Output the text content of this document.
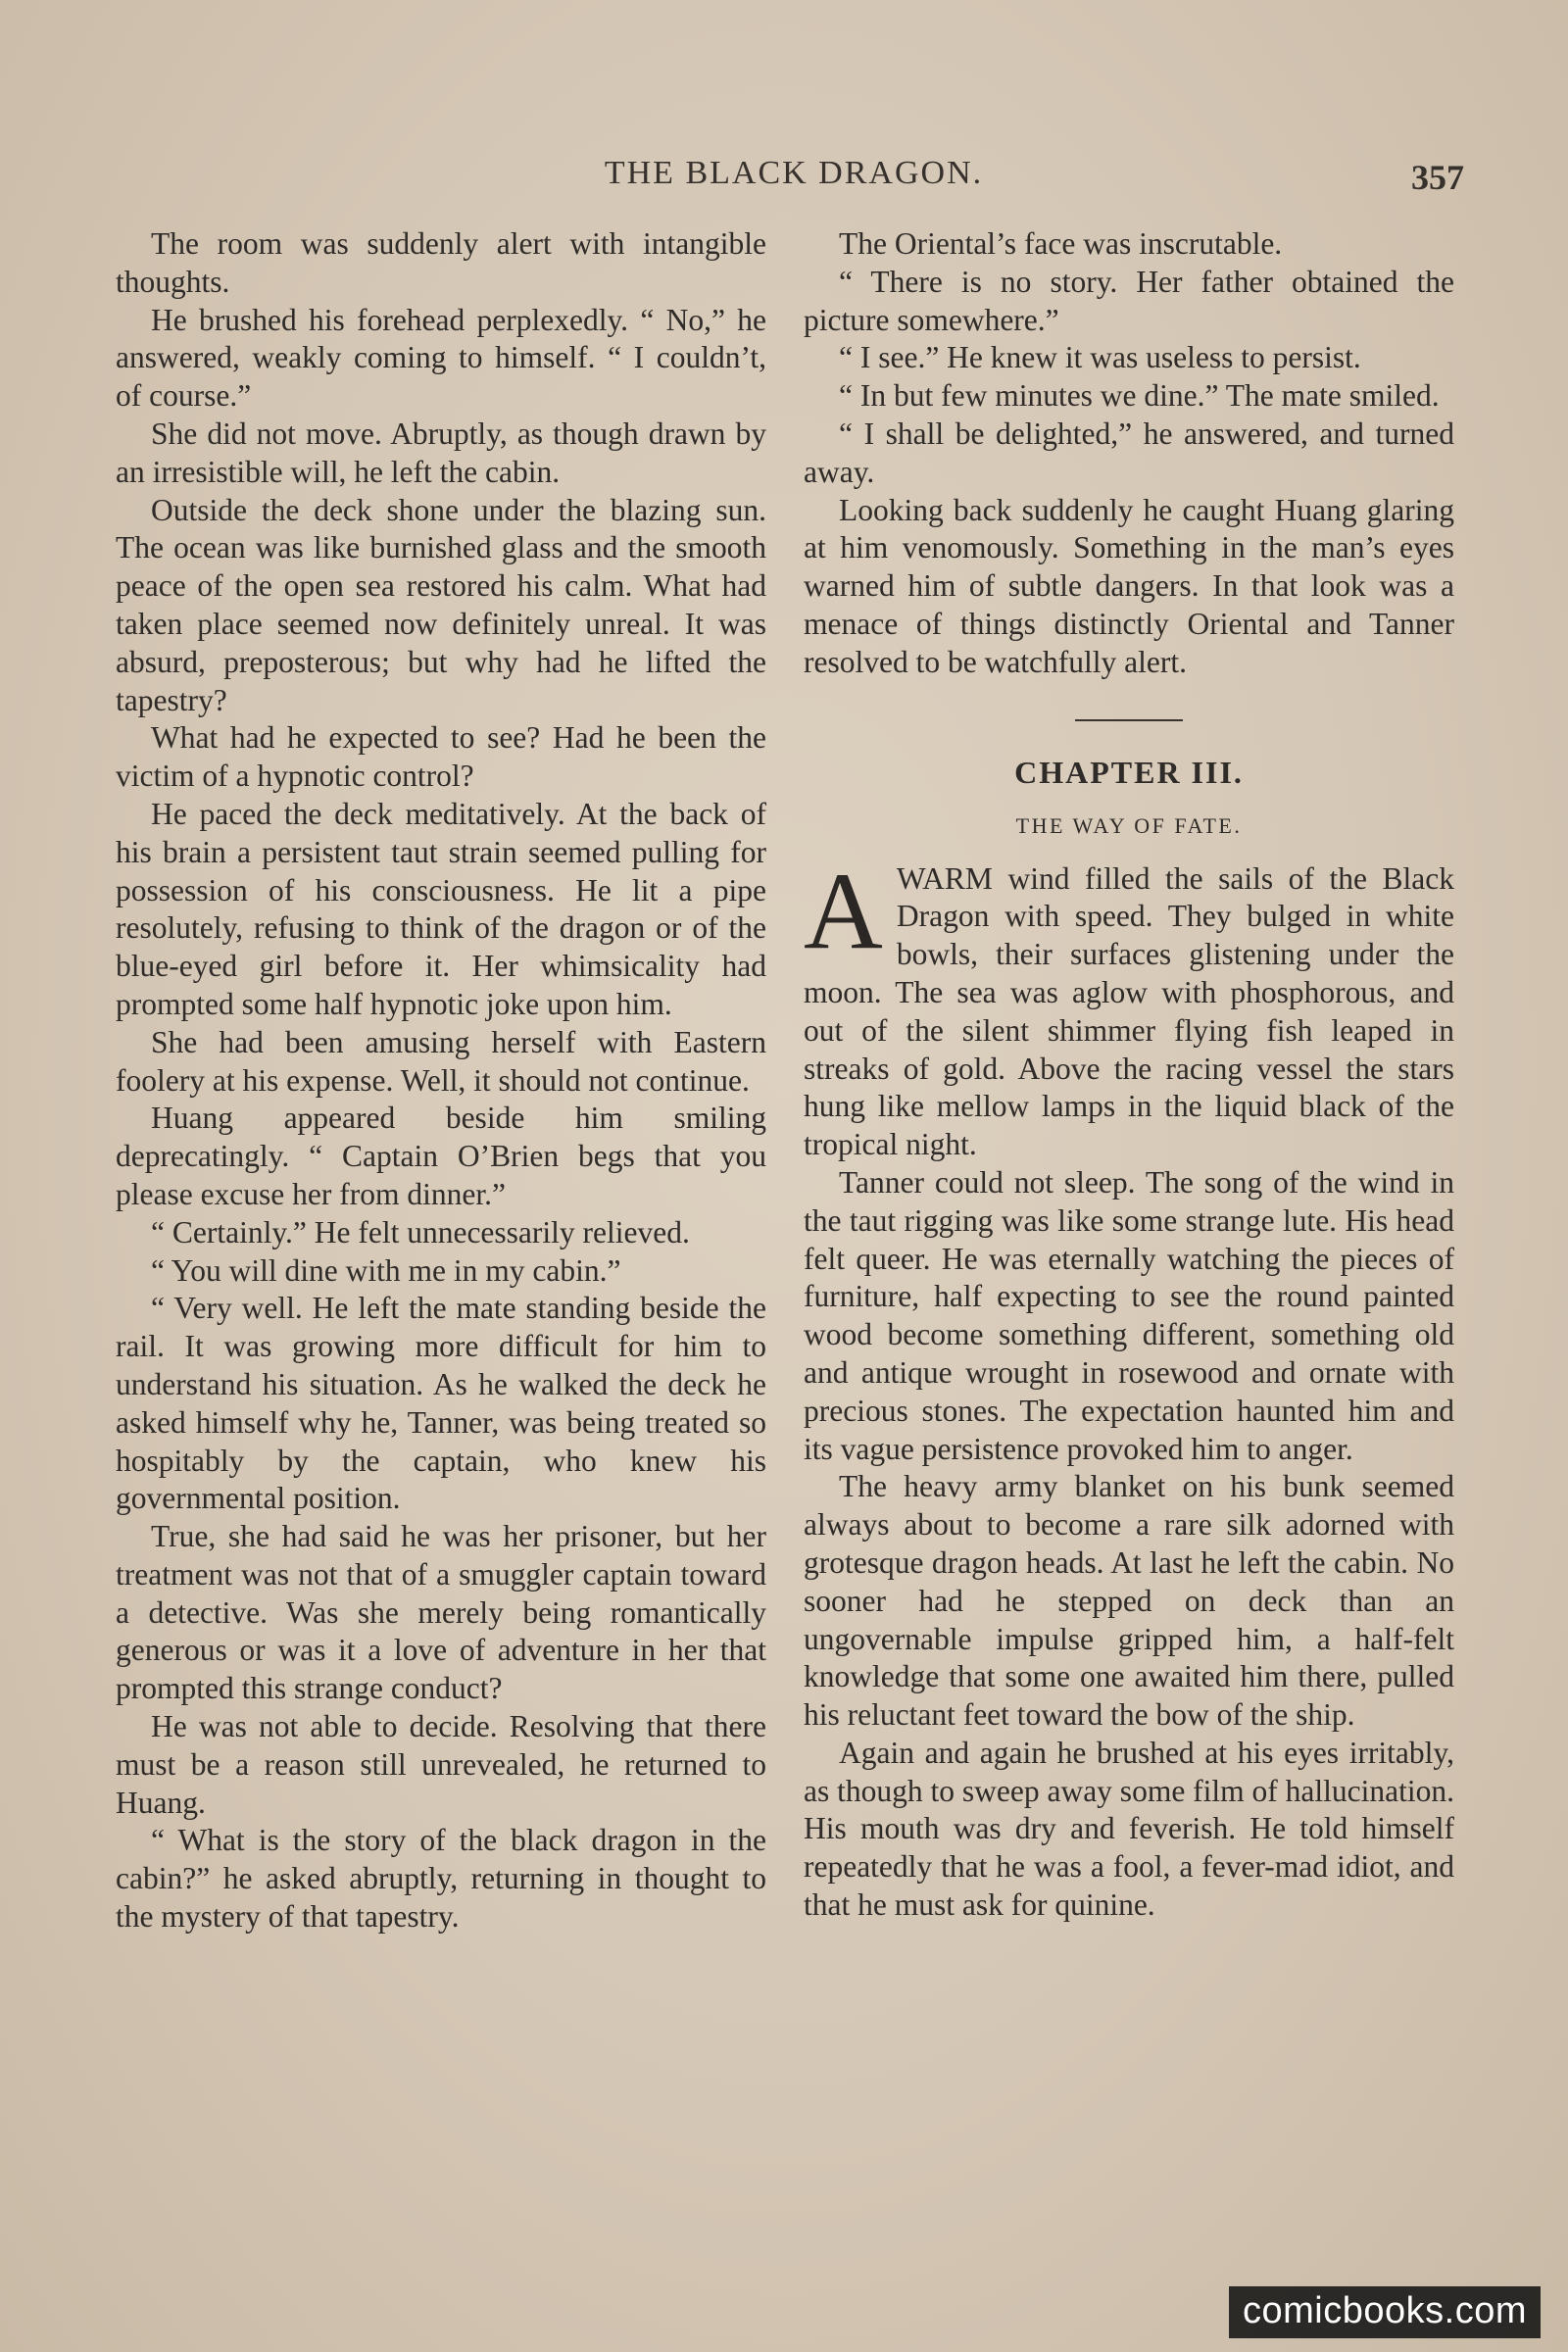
THE BLACK DRAGON.	357

The room was suddenly alert with intangible thoughts.

He brushed his forehead perplexedly. “ No,” he answered, weakly coming to himself. “ I couldn’t, of course.”

She did not move. Abruptly, as though drawn by an irresistible will, he left the cabin.

Outside the deck shone under the blazing sun. The ocean was like burnished glass and the smooth peace of the open sea restored his calm. What had taken place seemed now definitely unreal. It was absurd, preposterous; but why had he lifted the tapestry?

What had he expected to see? Had he been the victim of a hypnotic control?

He paced the deck meditatively. At the back of his brain a persistent taut strain seemed pulling for possession of his consciousness. He lit a pipe resolutely, refusing to think of the dragon or of the blue-eyed girl before it. Her whimsicality had prompted some half hypnotic joke upon him.

She had been amusing herself with Eastern foolery at his expense. Well, it should not continue.

Huang appeared beside him smiling deprecatingly. “ Captain O’Brien begs that you please excuse her from dinner.”

“ Certainly.” He felt unnecessarily relieved.

“ You will dine with me in my cabin.”

“ Very well. He left the mate standing beside the rail. It was growing more difficult for him to understand his situation. As he walked the deck he asked himself why he, Tanner, was being treated so hospitably by the captain, who knew his governmental position.

True, she had said he was her prisoner, but her treatment was not that of a smuggler captain toward a detective. Was she merely being romantically generous or was it a love of adventure in her that prompted this strange conduct?

He was not able to decide. Resolving that there must be a reason still unrevealed, he returned to Huang.

“ What is the story of the black dragon in the cabin?” he asked abruptly, returning in thought to the mystery of that tapestry.

The Oriental’s face was inscrutable.

“ There is no story. Her father obtained the picture somewhere.”

“ I see.” He knew it was useless to persist.

“ In but few minutes we dine.” The mate smiled.

“ I shall be delighted,” he answered, and turned away.

Looking back suddenly he caught Huang glaring at him venomously. Something in the man’s eyes warned him of subtle dangers. In that look was a menace of things distinctly Oriental and Tanner resolved to be watchfully alert.

CHAPTER III.
THE WAY OF FATE.

AWARM wind filled the sails of the Black Dragon with speed. They bulged in white bowls, their surfaces glistening under the moon. The sea was aglow with phosphorous, and out of the silent shimmer flying fish leaped in streaks of gold. Above the racing vessel the stars hung like mellow lamps in the liquid black of the tropical night.

Tanner could not sleep. The song of the wind in the taut rigging was like some strange lute. His head felt queer. He was eternally watching the pieces of furniture, half expecting to see the round painted wood become something different, something old and antique wrought in rosewood and ornate with precious stones. The expectation haunted him and its vague persistence provoked him to anger.

The heavy army blanket on his bunk seemed always about to become a rare silk adorned with grotesque dragon heads. At last he left the cabin. No sooner had he stepped on deck than an ungovernable impulse gripped him, a half-felt knowledge that some one awaited him there, pulled his reluctant feet toward the bow of the ship.

Again and again he brushed at his eyes irritably, as though to sweep away some film of hallucination. His mouth was dry and feverish. He told himself repeatedly that he was a fool, a fever-mad idiot, and that he must ask for quinine.

comicbooks.com
